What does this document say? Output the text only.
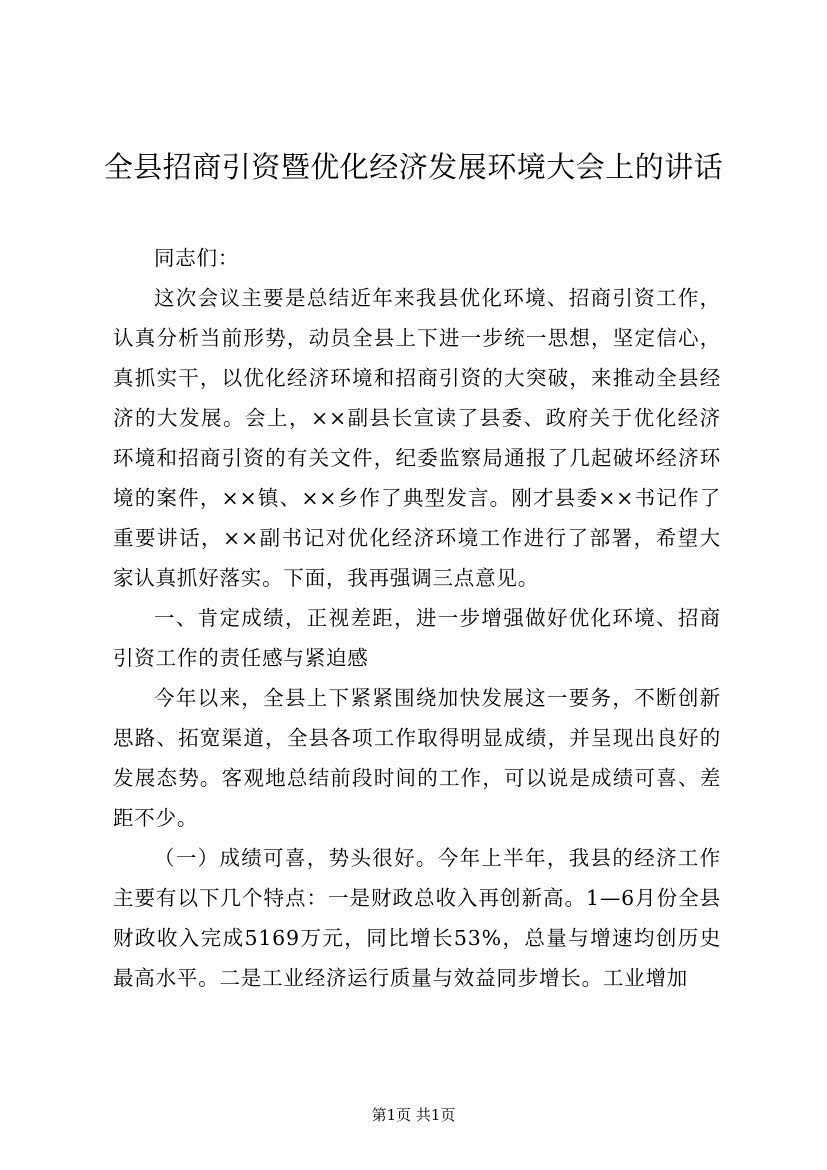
全县招商引资暨优化经济发展环境大会上的讲话

同志们：

这次会议主要是总结近年来我县优化环境、招商引资工作，认真分析当前形势，动员全县上下进一步统一思想，坚定信心，真抓实干，以优化经济环境和招商引资的大突破，来推动全县经济的大发展。会上，××副县长宣读了县委、政府关于优化经济环境和招商引资的有关文件，纪委监察局通报了几起破坏经济环境的案件，××镇、××乡作了典型发言。刚才县委××书记作了重要讲话，××副书记对优化经济环境工作进行了部署，希望大家认真抓好落实。下面，我再强调三点意见。

一、肯定成绩，正视差距，进一步增强做好优化环境、招商引资工作的责任感与紧迫感

今年以来，全县上下紧紧围绕加快发展这一要务，不断创新思路、拓宽渠道，全县各项工作取得明显成绩，并呈现出良好的发展态势。客观地总结前段时间的工作，可以说是成绩可喜、差距不少。

（一）成绩可喜，势头很好。今年上半年，我县的经济工作主要有以下几个特点：一是财政总收入再创新高。1—6月份全县财政收入完成5169万元，同比增长53%，总量与增速均创历史最高水平。二是工业经济运行质量与效益同步增长。工业增加

第1页 共1页
